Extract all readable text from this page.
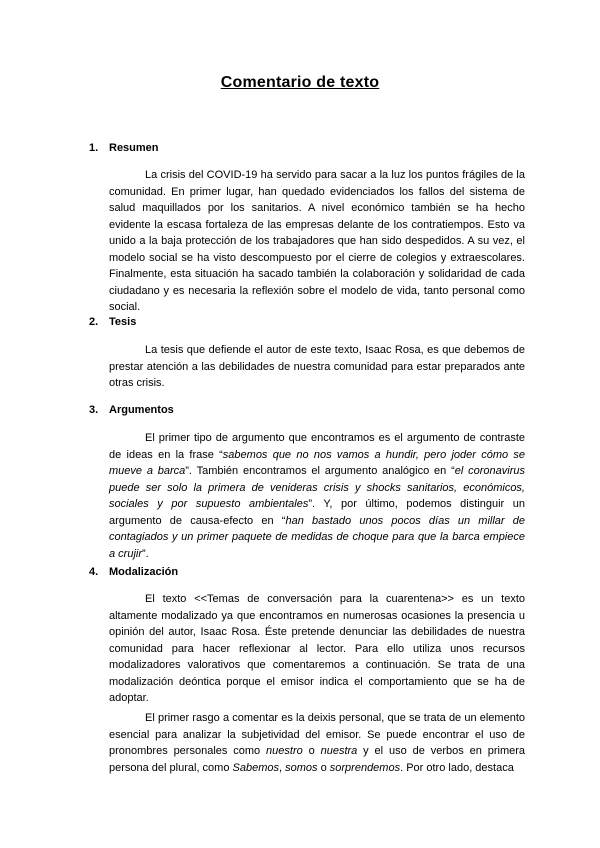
Comentario de texto
1. Resumen

La crisis del COVID-19 ha servido para sacar a la luz los puntos frágiles de la comunidad. En primer lugar, han quedado evidenciados los fallos del sistema de salud maquillados por los sanitarios. A nivel económico también se ha hecho evidente la escasa fortaleza de las empresas delante de los contratiempos. Esto va unido a la baja protección de los trabajadores que han sido despedidos. A su vez, el modelo social se ha visto descompuesto por el cierre de colegios y extraescolares. Finalmente, esta situación ha sacado también la colaboración y solidaridad de cada ciudadano y es necesaria la reflexión sobre el modelo de vida, tanto personal como social.

2. Tesis

La tesis que defiende el autor de este texto, Isaac Rosa, es que debemos de prestar atención a las debilidades de nuestra comunidad para estar preparados ante otras crisis.

3. Argumentos

El primer tipo de argumento que encontramos es el argumento de contraste de ideas en la frase “sabemos que no nos vamos a hundir, pero joder cómo se mueve a barca”. También encontramos el argumento analógico en “el coronavirus puede ser solo la primera de venideras crisis y shocks sanitarios, económicos, sociales y por supuesto ambientales”. Y, por último, podemos distinguir un argumento de causa-efecto en “han bastado unos pocos días un millar de contagiados y un primer paquete de medidas de choque para que la barca empiece a crujir”.

4. Modalización

El texto <<Temas de conversación para la cuarentena>> es un texto altamente modalizado ya que encontramos en numerosas ocasiones la presencia u opinión del autor, Isaac Rosa. Éste pretende denunciar las debilidades de nuestra comunidad para hacer reflexionar al lector. Para ello utiliza unos recursos modalizadores valorativos que comentaremos a continuación. Se trata de una modalización deóntica porque el emisor indica el comportamiento que se ha de adoptar.

El primer rasgo a comentar es la deixis personal, que se trata de un elemento esencial para analizar la subjetividad del emisor. Se puede encontrar el uso de pronombres personales como nuestro o nuestra y el uso de verbos en primera persona del plural, como Sabemos, somos o sorprendemos. Por otro lado, destaca
